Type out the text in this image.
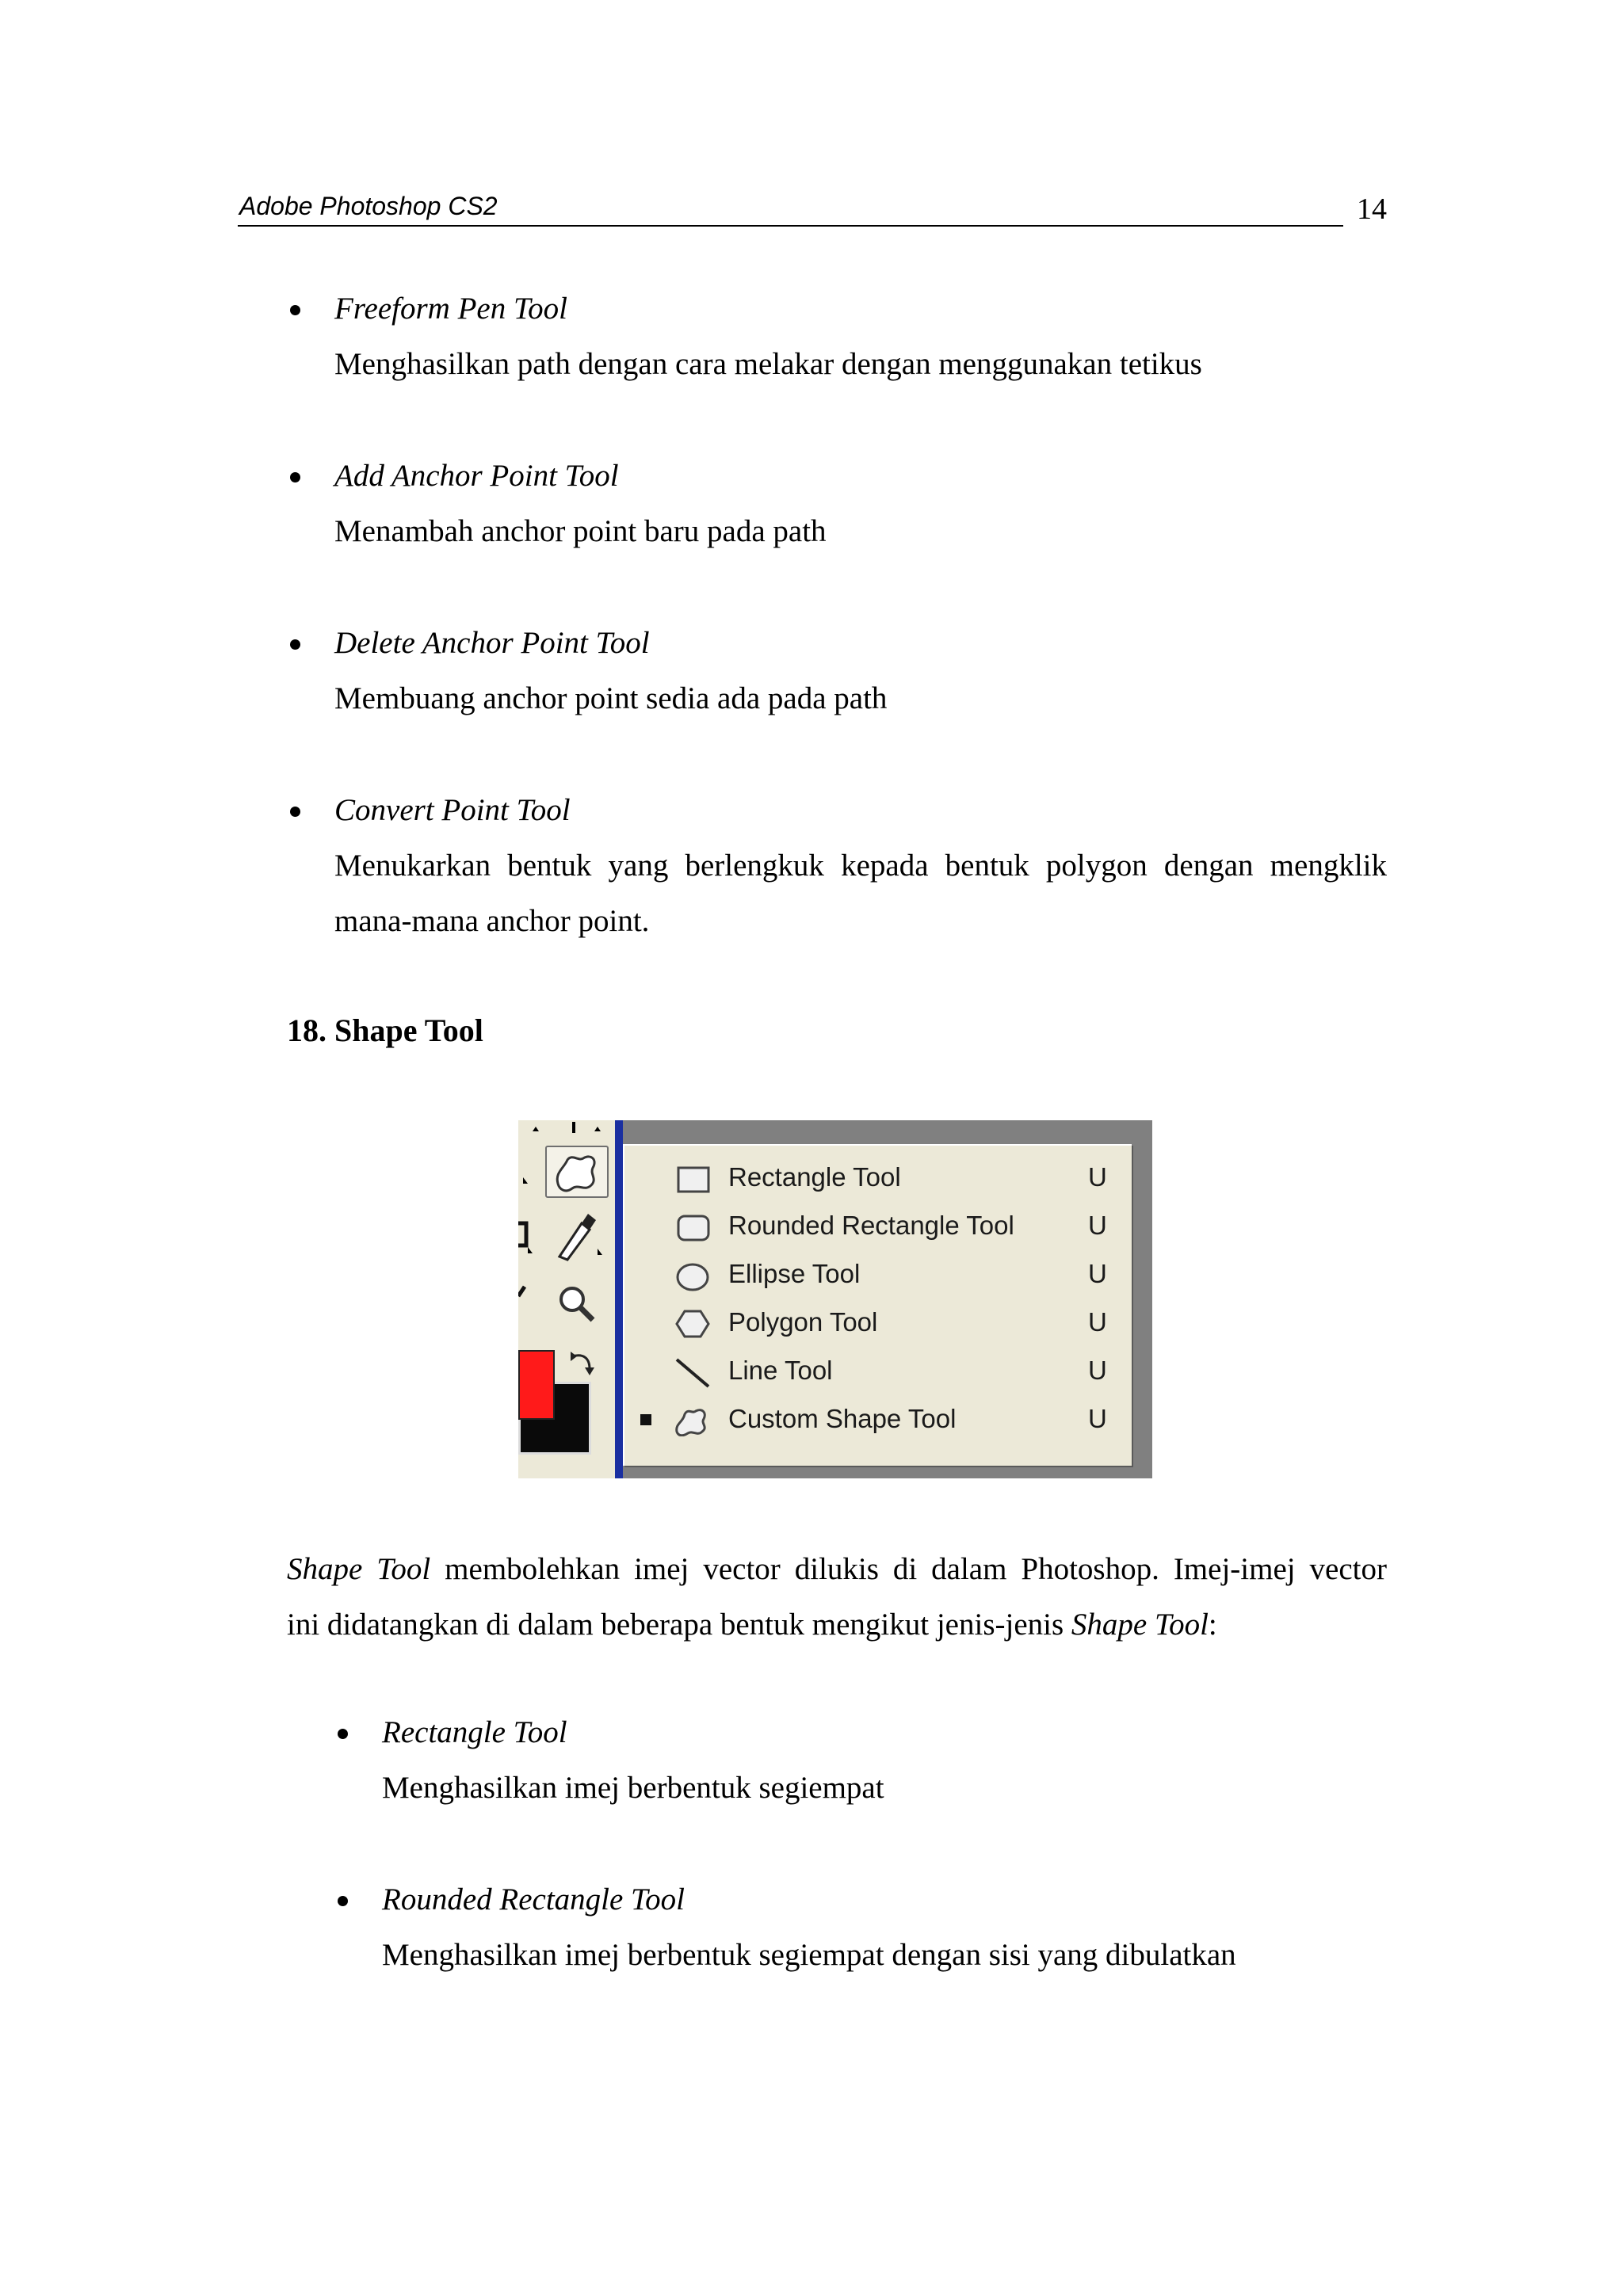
Adobe Photoshop CS2	14
Freeform Pen Tool
Menghasilkan path dengan cara melakar dengan menggunakan tetikus
Add Anchor Point Tool
Menambah anchor point baru pada path
Delete Anchor Point Tool
Membuang anchor point sedia ada pada path
Convert Point Tool
Menukarkan bentuk yang berlengkuk kepada bentuk polygon dengan mengklik
mana-mana anchor point.
18. Shape Tool
Rectangle Tool	U
Rounded Rectangle Tool	U
Ellipse Tool	U
Polygon Tool	U
Line Tool	U
Custom Shape Tool	U
Shape Tool membolehkan imej vector dilukis di dalam Photoshop. Imej-imej vector
ini didatangkan di dalam beberapa bentuk mengikut jenis-jenis Shape Tool:
Rectangle Tool
Menghasilkan imej berbentuk segiempat
Rounded Rectangle Tool
Menghasilkan imej berbentuk segiempat dengan sisi yang dibulatkan
